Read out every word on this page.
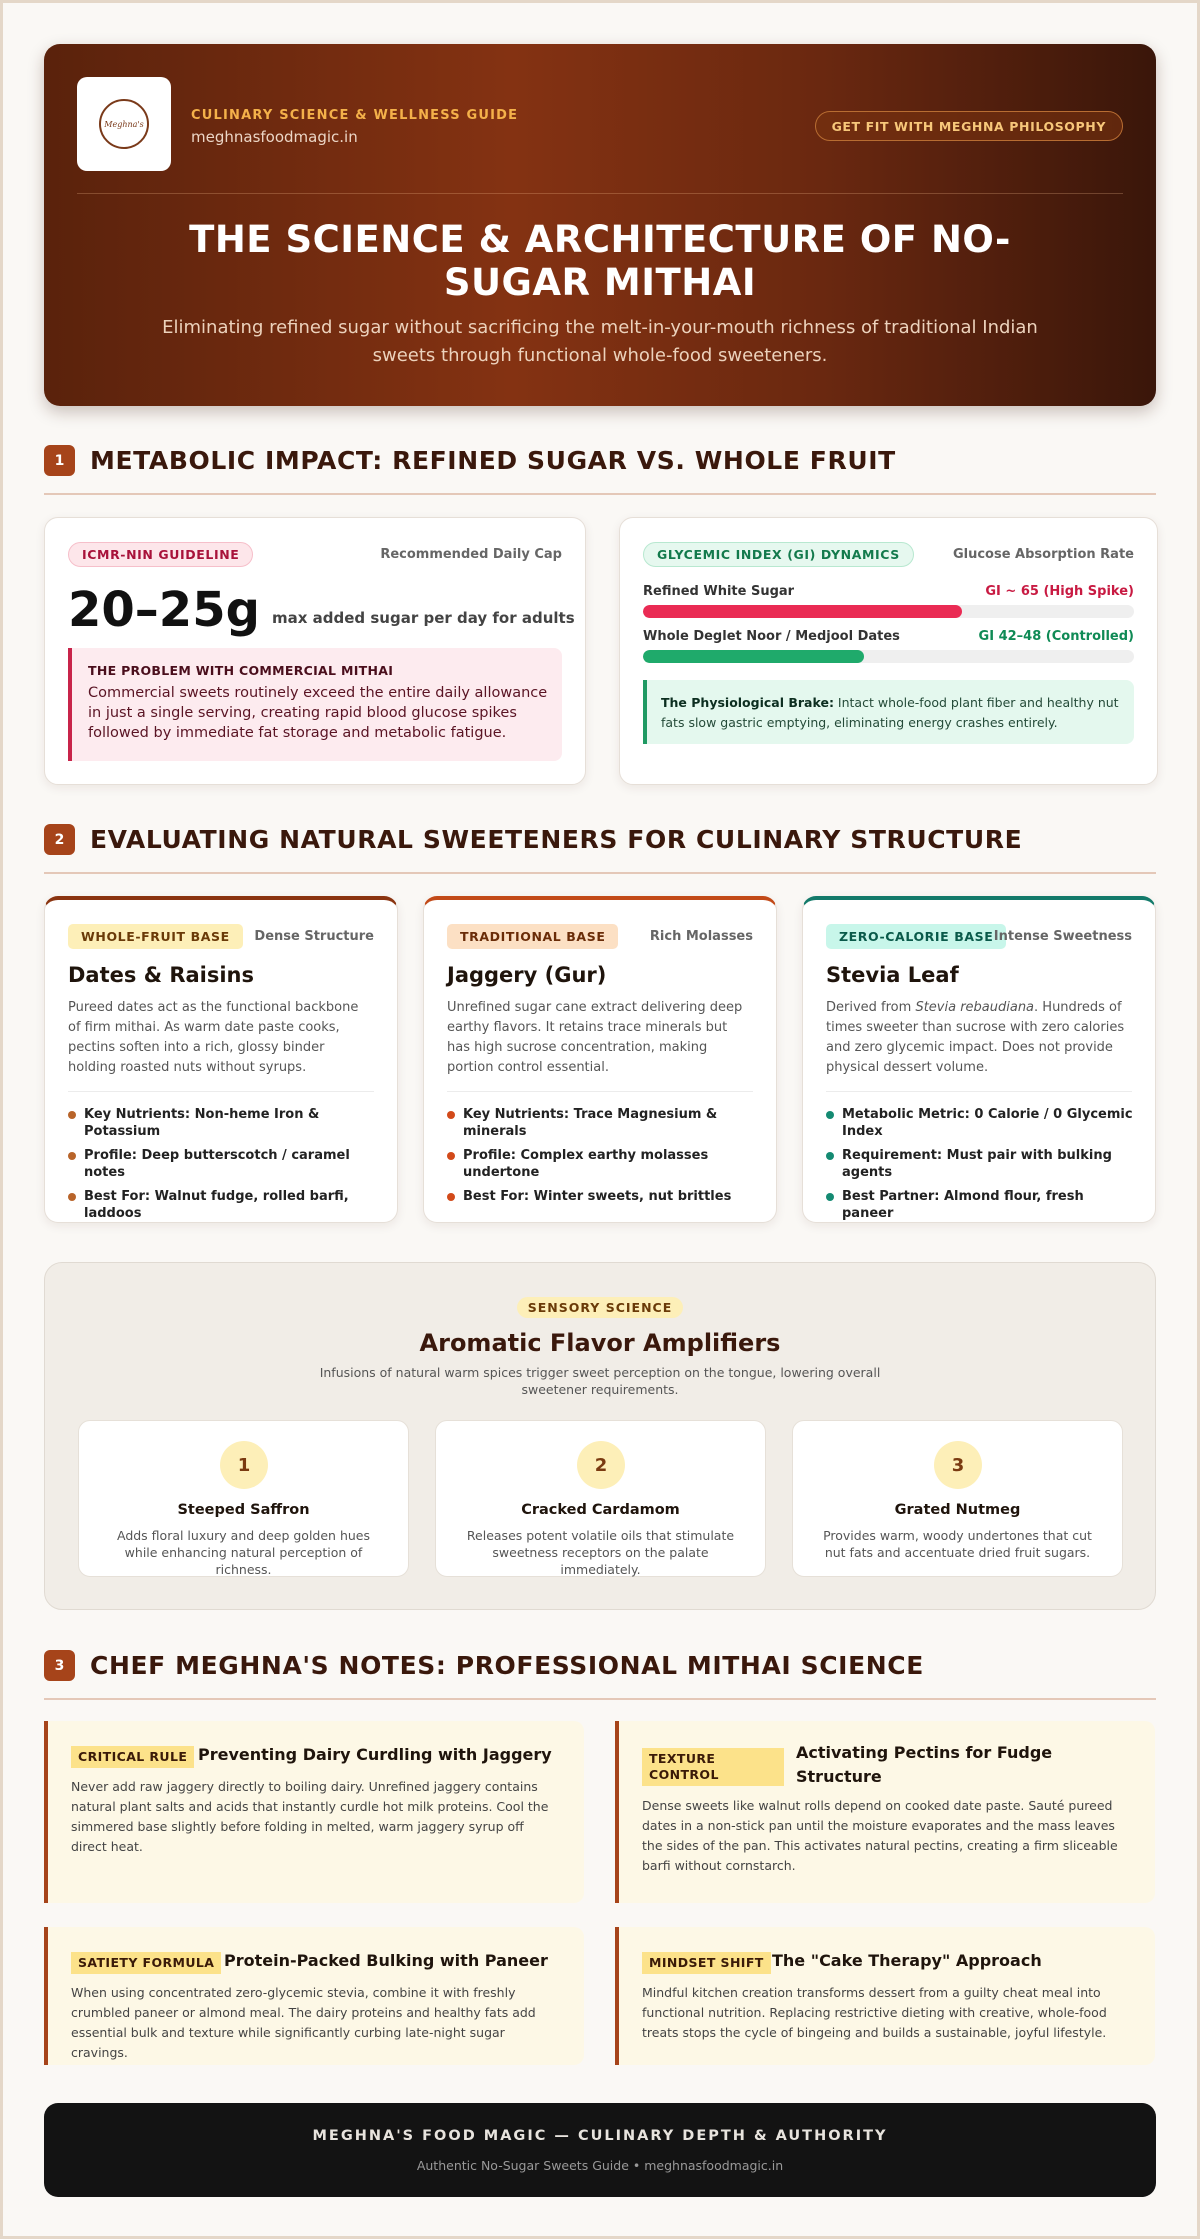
Meghna's
CULINARY SCIENCE & WELLNESS GUIDE
meghnasfoodmagic.in
GET FIT WITH MEGHNA PHILOSOPHY
THE SCIENCE & ARCHITECTURE OF NO-SUGAR MITHAI
Eliminating refined sugar without sacrificing the melt-in-your-mouth richness of traditional Indian sweets through functional whole-food sweeteners.
1	METABOLIC IMPACT: REFINED SUGAR VS. WHOLE FRUIT
ICMR-NIN GUIDELINE	Recommended Daily Cap
20–25g max added sugar per day for adults
THE PROBLEM WITH COMMERCIAL MITHAI
Commercial sweets routinely exceed the entire daily allowance in just a single serving, creating rapid blood glucose spikes followed by immediate fat storage and metabolic fatigue.
GLYCEMIC INDEX (GI) DYNAMICS	Glucose Absorption Rate
Refined White Sugar	GI ~ 65 (High Spike)
Whole Deglet Noor / Medjool Dates	GI 42–48 (Controlled)
The Physiological Brake: Intact whole-food plant fiber and healthy nut fats slow gastric emptying, eliminating energy crashes entirely.
2	EVALUATING NATURAL SWEETENERS FOR CULINARY STRUCTURE
WHOLE-FRUIT BASE	Dense Structure
Dates & Raisins
Pureed dates act as the functional backbone of firm mithai. As warm date paste cooks, pectins soften into a rich, glossy binder holding roasted nuts without syrups.
Key Nutrients: Non-heme Iron & Potassium
Profile: Deep butterscotch / caramel notes
Best For: Walnut fudge, rolled barfi, laddoos
TRADITIONAL BASE	Rich Molasses
Jaggery (Gur)
Unrefined sugar cane extract delivering deep earthy flavors. It retains trace minerals but has high sucrose concentration, making portion control essential.
Key Nutrients: Trace Magnesium & minerals
Profile: Complex earthy molasses undertone
Best For: Winter sweets, nut brittles
ZERO-CALORIE BASE Intense Sweetness
Stevia Leaf
Derived from Stevia rebaudiana. Hundreds of times sweeter than sucrose with zero calories and zero glycemic impact. Does not provide physical dessert volume.
Metabolic Metric: 0 Calorie / 0 Glycemic Index
Requirement: Must pair with bulking agents
Best Partner: Almond flour, fresh paneer
SENSORY SCIENCE
Aromatic Flavor Amplifiers
Infusions of natural warm spices trigger sweet perception on the tongue, lowering overall sweetener requirements.
1
Steeped Saffron
Adds floral luxury and deep golden hues while enhancing natural perception of richness.
2
Cracked Cardamom
Releases potent volatile oils that stimulate sweetness receptors on the palate immediately.
3
Grated Nutmeg
Provides warm, woody undertones that cut nut fats and accentuate dried fruit sugars.
3	CHEF MEGHNA'S NOTES: PROFESSIONAL MITHAI SCIENCE
CRITICAL RULE Preventing Dairy Curdling with Jaggery
Never add raw jaggery directly to boiling dairy. Unrefined jaggery contains natural plant salts and acids that instantly curdle hot milk proteins. Cool the simmered base slightly before folding in melted, warm jaggery syrup off direct heat.
TEXTURE CONTROL
Activating Pectins for Fudge Structure
Dense sweets like walnut rolls depend on cooked date paste. Sauté pureed dates in a non-stick pan until the moisture evaporates and the mass leaves the sides of the pan. This activates natural pectins, creating a firm sliceable barfi without cornstarch.
SATIETY FORMULA Protein-Packed Bulking with Paneer
When using concentrated zero-glycemic stevia, combine it with freshly crumbled paneer or almond meal. The dairy proteins and healthy fats add essential bulk and texture while significantly curbing late-night sugar cravings.
MINDSET SHIFT The "Cake Therapy" Approach
Mindful kitchen creation transforms dessert from a guilty cheat meal into functional nutrition. Replacing restrictive dieting with creative, whole-food treats stops the cycle of bingeing and builds a sustainable, joyful lifestyle.
MEGHNA'S FOOD MAGIC — CULINARY DEPTH & AUTHORITY
Authentic No-Sugar Sweets Guide • meghnasfoodmagic.in
